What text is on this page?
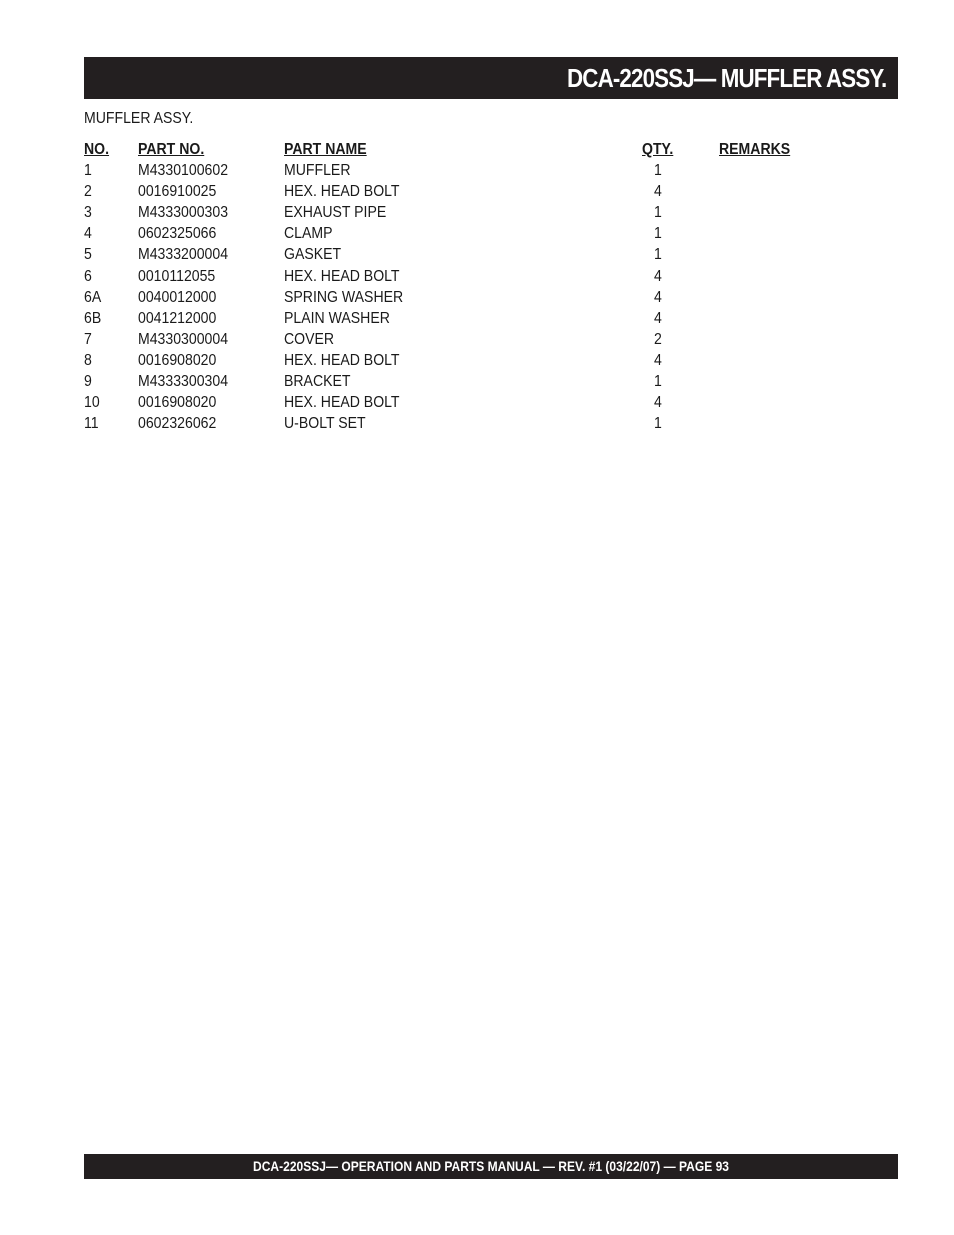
DCA-220SSJ— MUFFLER ASSY.
MUFFLER ASSY.
NO. PART NO.	PART NAME	QTY.	REMARKS
1	M4330100602	MUFFLER	1
2	0016910025	HEX. HEAD BOLT	4
3	M4333000303	EXHAUST PIPE	1
4	0602325066	CLAMP	1
5	M4333200004	GASKET	1
6	0010112055	HEX. HEAD BOLT	4
6A 0040012000	SPRING WASHER	4
6B 0041212000	PLAIN WASHER	4
7	M4330300004	COVER	2
8	0016908020	HEX. HEAD BOLT	4
9	M4333300304	BRACKET	1
10 0016908020	HEX. HEAD BOLT	4
11 0602326062	U-BOLT SET	1
DCA-220SSJ— OPERATION AND PARTS MANUAL — REV. #1 (03/22/07) — PAGE 93
